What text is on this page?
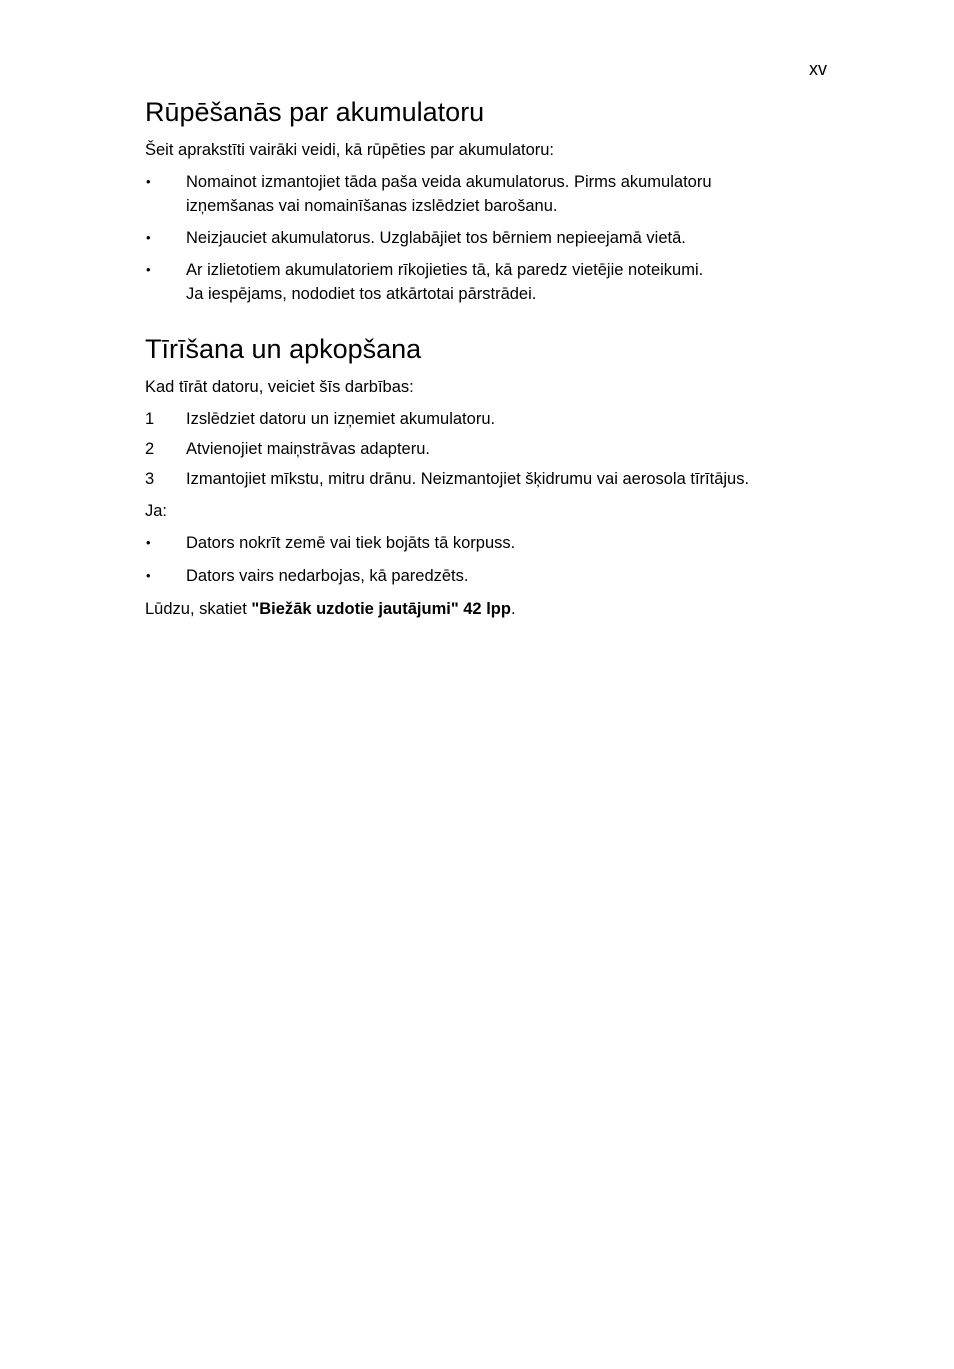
xv
Rūpēšanās par akumulatoru

Šeit aprakstīti vairāki veidi, kā rūpēties par akumulatoru:

• Nomainot izmantojiet tāda paša veida akumulatorus. Pirms akumulatoru
izņemšanas vai nomainīšanas izslēdziet barošanu.
• Neizjauciet akumulatorus. Uzglabājiet tos bērniem nepieejamā vietā.
• Ar izlietotiem akumulatoriem rīkojieties tā, kā paredz vietējie noteikumi.
Ja iespējams, nododiet tos atkārtotai pārstrādei.
Tīrīšana un apkopšana

Kad tīrāt datoru, veiciet šīs darbības:

1 Izslēdziet datoru un izņemiet akumulatoru.
2 Atvienojiet maiņstrāvas adapteru.
3 Izmantojiet mīkstu, mitru drānu. Neizmantojiet šķidrumu vai aerosola tīrītājus.

Ja:

• Dators nokrīt zemē vai tiek bojāts tā korpuss.
• Dators vairs nedarbojas, kā paredzēts.

Lūdzu, skatiet "Biežāk uzdotie jautājumi" 42 lpp.
